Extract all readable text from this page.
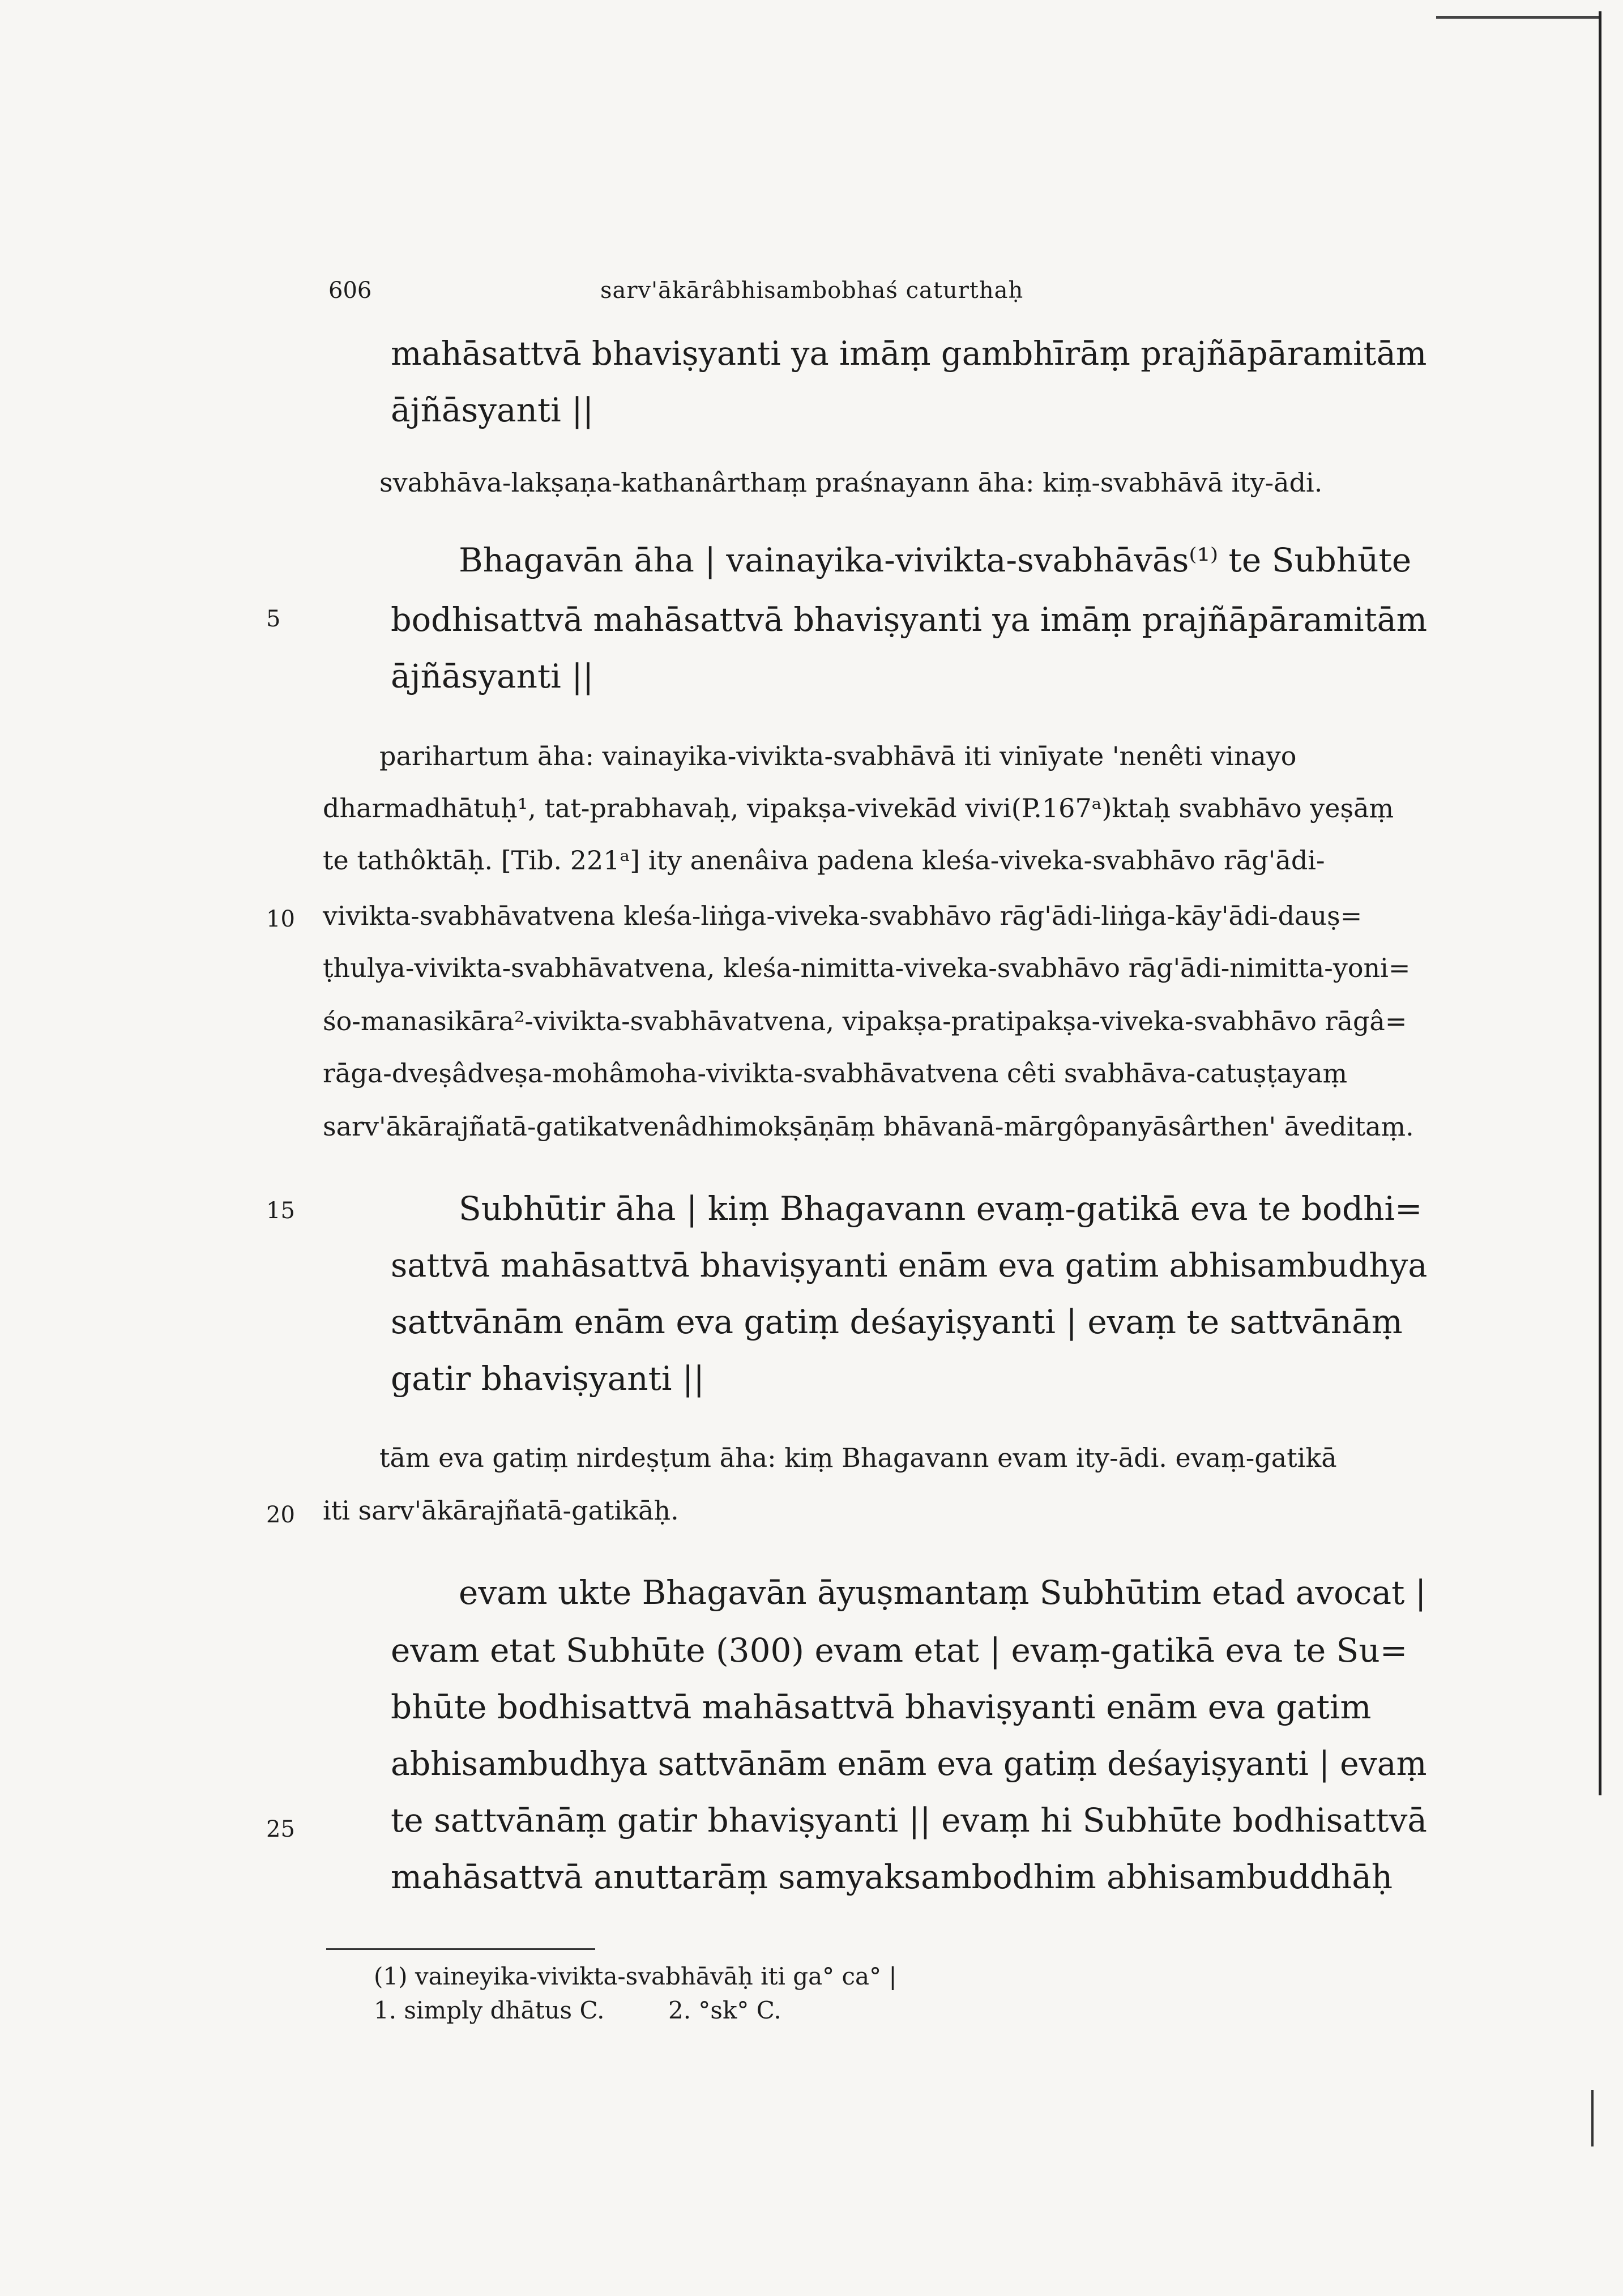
606	sarv'ākārâbhisambobhaś caturthaḥ
5
10
15
20
25
mahāsattvā bhaviṣyanti ya imāṃ gambhīrāṃ prajñāpāramitām
ājñāsyanti ||
svabhāva-lakṣaṇa-kathanârthaṃ praśnayann āha: kiṃ-svabhāvā ity-ādi.
Bhagavān āha | vainayika-vivikta-svabhāvās⁽¹⁾ te Subhūte
bodhisattvā mahāsattvā bhaviṣyanti ya imāṃ prajñāpāramitām
ājñāsyanti ||
parihartum āha: vainayika-vivikta-svabhāvā iti vinīyate 'nenêti vinayo
dharmadhātuḥ¹, tat-prabhavaḥ, vipakṣa-vivekād vivi(P.167ᵃ)ktaḥ svabhāvo yeṣāṃ
te tathôktāḥ. [Tib. 221ᵃ] ity anenâiva padena kleśa-viveka-svabhāvo rāg'ādi-
vivikta-svabhāvatvena kleśa-liṅga-viveka-svabhāvo rāg'ādi-liṅga-kāy'ādi-dauṣ=
ṭhulya-vivikta-svabhāvatvena, kleśa-nimitta-viveka-svabhāvo rāg'ādi-nimitta-yoni=
śo-manasikāra²-vivikta-svabhāvatvena, vipakṣa-pratipakṣa-viveka-svabhāvo rāgâ=
rāga-dveṣâdveṣa-mohâmoha-vivikta-svabhāvatvena cêti svabhāva-catuṣṭayaṃ
sarv'ākārajñatā-gatikatvenâdhimokṣāṇāṃ bhāvanā-mārgôpanyāsârthen' āveditaṃ.
Subhūtir āha | kiṃ Bhagavann evaṃ-gatikā eva te bodhi=
sattvā mahāsattvā bhaviṣyanti enām eva gatim abhisambudhya
sattvānām enām eva gatiṃ deśayiṣyanti | evaṃ te sattvānāṃ
gatir bhaviṣyanti ||
tām eva gatiṃ nirdeṣṭum āha: kiṃ Bhagavann evam ity-ādi. evaṃ-gatikā
iti sarv'ākārajñatā-gatikāḥ.
evam ukte Bhagavān āyuṣmantaṃ Subhūtim etad avocat |
evam etat Subhūte (300) evam etat | evaṃ-gatikā eva te Su=
bhūte bodhisattvā mahāsattvā bhaviṣyanti enām eva gatim
abhisambudhya sattvānām enām eva gatiṃ deśayiṣyanti | evaṃ
te sattvānāṃ gatir bhaviṣyanti || evaṃ hi Subhūte bodhisattvā
mahāsattvā anuttarāṃ samyaksambodhim abhisambuddhāḥ
(1) vaineyika-vivikta-svabhāvāḥ iti ga° ca° |
1. simply dhātus C.	2. °sk° C.
